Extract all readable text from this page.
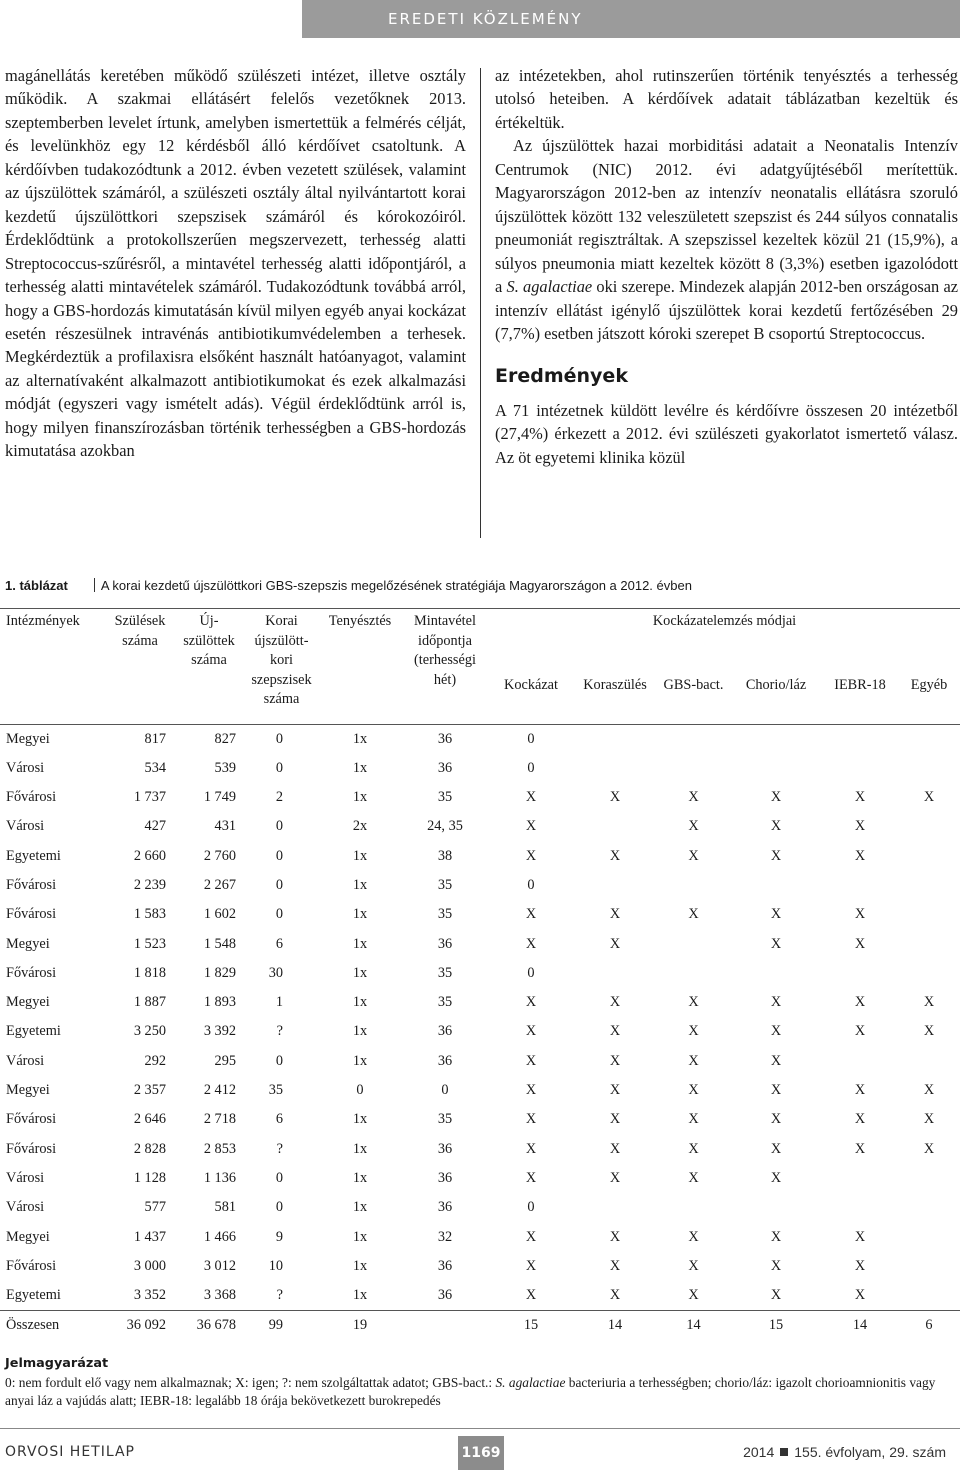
EREDETI KÖZLEMÉNY

magánellátás keretében működő szülészeti intézet, illetve osztály működik. A szakmai ellátásért felelős vezetőknek 2013. szeptemberben levelet írtunk, amelyben ismertettük a felmérés célját, és levelünkhöz egy 12 kérdésből álló kérdőívet csatoltunk. A kérdőívben tudakozódtunk a 2012. évben vezetett szülések, valamint az újszülöttek számáról, a szülészeti osztály által nyilvántartott korai kezdetű újszülöttkori szepszisek számáról és kórokozóiról. Érdeklődtünk a protokollszerűen megszervezett, terhesség alatti Streptococcus-szűrésről, a mintavétel terhesség alatti időpontjáról, a terhesség alatti mintavételek számáról. Tudakozódtunk továbbá arról, hogy a GBS-hordozás kimutatásán kívül milyen egyéb anyai kockázat esetén részesülnek intravénás antibiotikumvédelemben a terhesek. Megkérdeztük a profilaxisra elsőként használt hatóanyagot, valamint az alternatívaként alkalmazott antibiotikumokat és ezek alkalmazási módját (egyszeri vagy ismételt adás). Végül érdeklődtünk arról is, hogy milyen finanszírozásban történik terhességben a GBS-hordozás kimutatása azokban

az intézetekben, ahol rutinszerűen történik tenyésztés a terhesség utolsó heteiben. A kérdőívek adatait táblázatban kezeltük és értékeltük.

Az újszülöttek hazai morbiditási adatait a Neonatalis Intenzív Centrumok (NIC) 2012. évi adatgyűjtéséből merítettük. Magyarországon 2012-ben az intenzív neonatalis ellátásra szoruló újszülöttek között 132 veleszületett szepszist és 244 súlyos connatalis pneumoniát regisztráltak. A szepszissel kezeltek közül 21 (15,9%), a súlyos pneumonia miatt kezeltek között 8 (3,3%) esetben igazolódott a S. agalactiae oki szerepe. Mindezek alapján 2012-ben országosan az intenzív ellátást igénylő újszülöttek korai kezdetű fertőzésében 29 (7,7%) esetben játszott kóroki szerepet B csoportú Streptococcus.

Eredmények

A 71 intézetnek küldött levélre és kérdőívre összesen 20 intézetből (27,4%) érkezett a 2012. évi szülészeti gyakorlatot ismertető válasz. Az öt egyetemi klinika közül

1. táblázat	A korai kezdetű újszülöttkori GBS-szepszis megelőzésének stratégiája Magyarországon a 2012. évben
Intézmények	Szülések száma	Új-szülöttek száma	Korai újszülött-kori szepszisek száma	Tenyésztés	Mintavétel időpontja (terhességi hét)	Kockázatelemzés módjai					
						Kockázat	Koraszülés	GBS-bact.	Chorio/láz	IEBR-18	Egyéb

Megyei	817	827	0	1x	36	0					
Városi	534	539	0	1x	36	0					
Fővárosi	1 737	1 749	2	1x	35	X	X	X	X	X	X
Városi	427	431	0	2x	24, 35	X		X	X	X	
Egyetemi	2 660	2 760	0	1x	38	X	X	X	X	X	
Fővárosi	2 239	2 267	0	1x	35	0					
Fővárosi	1 583	1 602	0	1x	35	X	X	X	X	X	
Megyei	1 523	1 548	6	1x	36	X	X		X	X	
Fővárosi	1 818	1 829	30	1x	35	0					
Megyei	1 887	1 893	1	1x	35	X	X	X	X	X	X
Egyetemi	3 250	3 392	?	1x	36	X	X	X	X	X	X
Városi	292	295	0	1x	36	X	X	X	X		
Megyei	2 357	2 412	35	0	0	X	X	X	X	X	X
Fővárosi	2 646	2 718	6	1x	35	X	X	X	X	X	X
Fővárosi	2 828	2 853	?	1x	36	X	X	X	X	X	X
Városi	1 128	1 136	0	1x	36	X	X	X	X		
Városi	577	581	0	1x	36	0					
Megyei	1 437	1 466	9	1x	32	X	X	X	X	X	
Fővárosi	3 000	3 012	10	1x	36	X	X	X	X	X	
Egyetemi	3 352	3 368	?	1x	36	X	X	X	X	X	
Összesen	36 092	36 678	99	19		15	14	14	15	14	6
Jelmagyarázat
0: nem fordult elő vagy nem alkalmaznak; X: igen; ?: nem szolgáltattak adatot; GBS-bact.: S. agalactiae bacteriuria a terhességben; chorio/láz: igazolt chorioamnionitis vagy anyai láz a vajúdás alatt; IEBR-18: legalább 18 órája bekövetkezett burokrepedés
ORVOSI HETILAP	1169	2014 155. évfolyam, 29. szám
